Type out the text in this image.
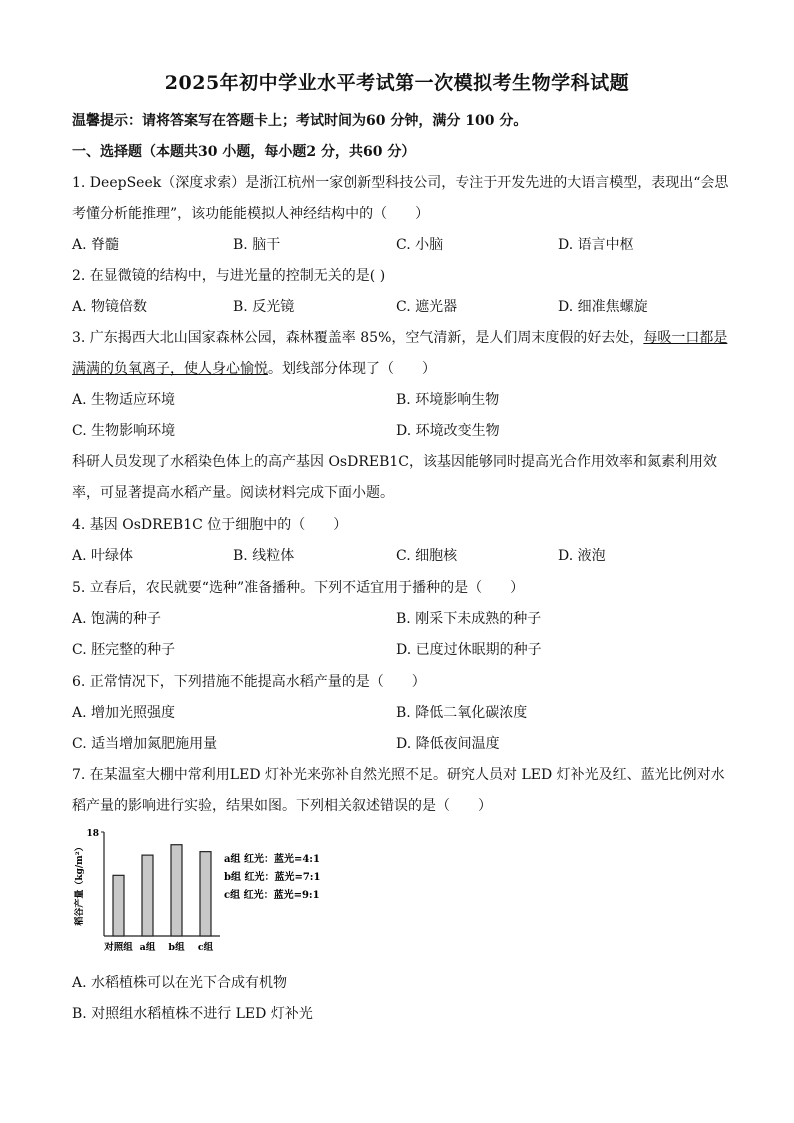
2025年初中学业水平考试第一次模拟考生物学科试题
温馨提示：请将答案写在答题卡上；考试时间为60 分钟，满分 100 分。
一、选择题（本题共30 小题，每小题2 分，共60 分）
1. DeepSeek（深度求索）是浙江杭州一家创新型科技公司，专注于开发先进的大语言模型，表现出“会思
考懂分析能推理”，该功能能模拟人神经结构中的（　　）
A. 脊髓	B. 脑干	C. 小脑	D. 语言中枢
2. 在显微镜的结构中，与进光量的控制无关的是( )
A. 物镜倍数	B. 反光镜	C. 遮光器	D. 细准焦螺旋
3. 广东揭西大北山国家森林公园，森林覆盖率 85%，空气清新，是人们周末度假的好去处，每吸一口都是
满满的负氧离子，使人身心愉悦。划线部分体现了（　　）
A. 生物适应环境	B. 环境影响生物
C. 生物影响环境	D. 环境改变生物
科研人员发现了水稻染色体上的高产基因 OsDREB1C，该基因能够同时提高光合作用效率和氮素利用效
率，可显著提高水稻产量。阅读材料完成下面小题。
4. 基因 OsDREB1C 位于细胞中的（　　）
A. 叶绿体	B. 线粒体	C. 细胞核	D. 液泡
5. 立春后，农民就要“选种”准备播种。下列不适宜用于播种的是（　　）
A. 饱满的种子	B. 刚采下未成熟的种子
C. 胚完整的种子	D. 已度过休眠期的种子
6. 正常情况下，下列措施不能提高水稻产量的是（　　）
A. 增加光照强度	B. 降低二氧化碳浓度
C. 适当增加氮肥施用量	D. 降低夜间温度
7. 在某温室大棚中常利用LED 灯补光来弥补自然光照不足。研究人员对 LED 灯补光及红、蓝光比例对水
稻产量的影响进行实验，结果如图。下列相关叙述错误的是（　　）
稻谷产量（kg/m²）
18
对照组 a组 b组 c组
a组 红光：蓝光=4:1
b组 红光：蓝光=7:1
c组 红光：蓝光=9:1
A. 水稻植株可以在光下合成有机物
B. 对照组水稻植株不进行 LED 灯补光
